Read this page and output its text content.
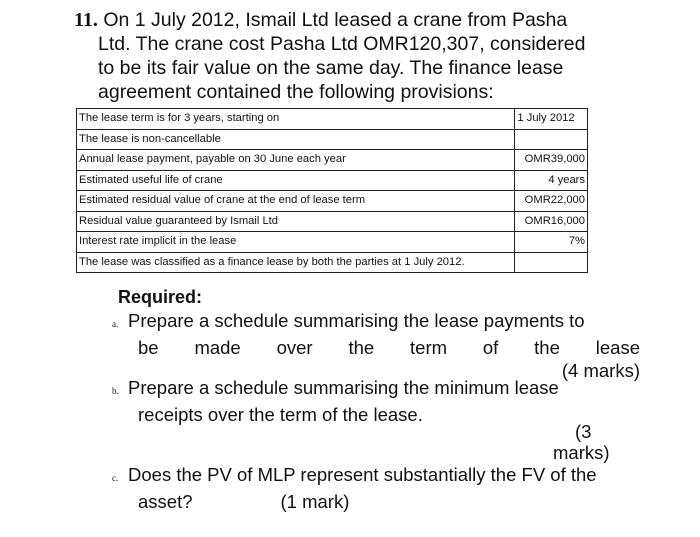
11. On 1 July 2012, Ismail Ltd leased a crane from Pasha
Ltd. The crane cost Pasha Ltd OMR120,307, considered
to be its fair value on the same day. The finance lease
agreement contained the following provisions:
The lease term is for 3 years, starting on	1 July 2012
The lease is non-cancellable	
Annual lease payment, payable on 30 June each year	OMR39,000
Estimated useful life of crane	4 years
Estimated residual value of crane at the end of lease term	OMR22,000
Residual value guaranteed by Ismail Ltd	OMR16,000
Interest rate implicit in the lease	7%
The lease was classified as a finance lease by both the parties at 1 July 2012.	
Required:
a. Prepare a schedule summarising the lease payments to
be made over the term of the lease
(4 marks)
b. Prepare a schedule summarising the minimum lease
receipts over the term of the lease.
(3
marks)
c. Does the PV of MLP represent substantially the FV of the
asset?	(1 mark)
